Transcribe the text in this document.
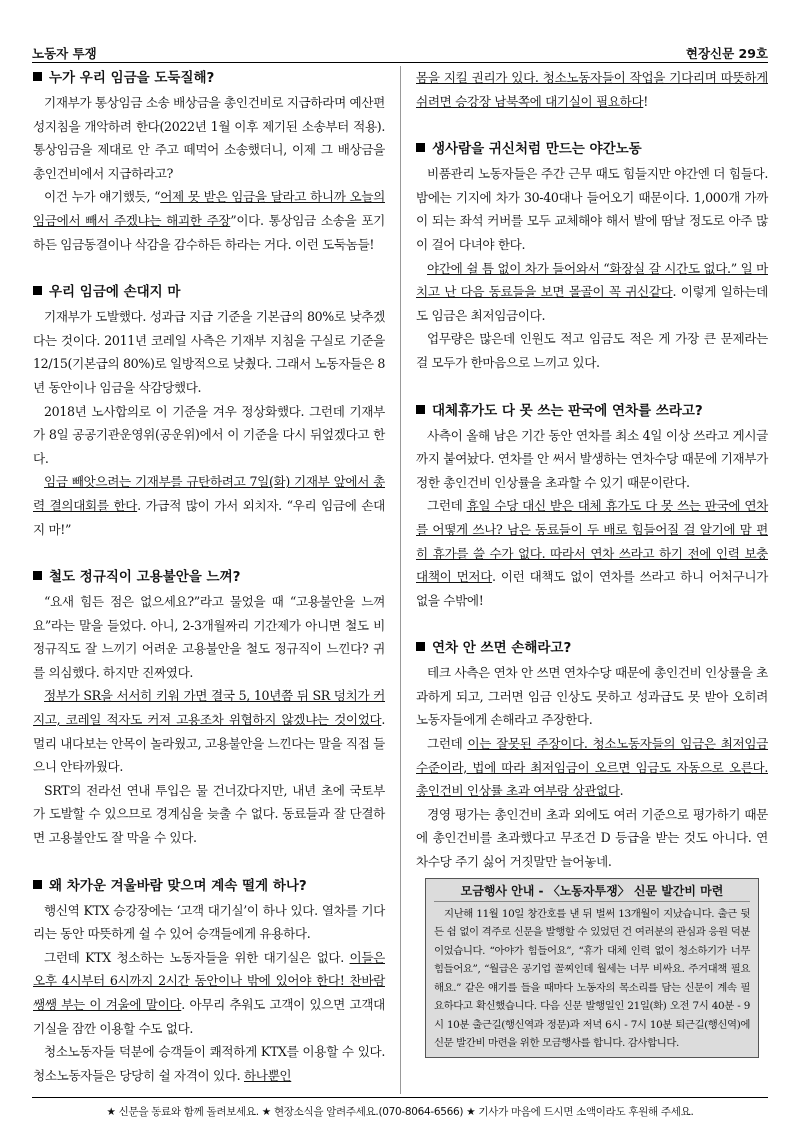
노동자 투쟁	현장신문 29호
누가 우리 임금을 도둑질해?

기재부가 통상임금 소송 배상금을 총인건비로 지급하라며 예산편성지침을 개악하려 한다(2022년 1월 이후 제기된 소송부터 적용). 통상임금을 제대로 안 주고 떼먹어 소송했더니, 이제 그 배상금을 총인건비에서 지급하라고?

이건 누가 얘기했듯, “어제 못 받은 임금을 달라고 하니까 오늘의 임금에서 빼서 주겠냐는 해괴한 주장”이다. 통상임금 소송을 포기하든 임금동결이나 삭감을 감수하든 하라는 거다. 이런 도둑놈들!

우리 임금에 손대지 마

기재부가 도발했다. 성과급 지급 기준을 기본급의 80%로 낮추겠다는 것이다. 2011년 코레일 사측은 기재부 지침을 구실로 기준을 12/15(기본급의 80%)로 일방적으로 낮췄다. 그래서 노동자들은 8년 동안이나 임금을 삭감당했다.

2018년 노사합의로 이 기준을 겨우 정상화했다. 그런데 기재부가 8일 공공기관운영위(공운위)에서 이 기준을 다시 뒤엎겠다고 한다.

임금 빼앗으려는 기재부를 규탄하려고 7일(화) 기재부 앞에서 총력 결의대회를 한다. 가급적 많이 가서 외치자. “우리 임금에 손대지 마!”

철도 정규직이 고용불안을 느껴?

“요새 힘든 점은 없으세요?”라고 물었을 때 “고용불안을 느껴요”라는 말을 들었다. 아니, 2-3개월짜리 기간제가 아니면 철도 비정규직도 잘 느끼기 어려운 고용불안을 철도 정규직이 느낀다? 귀를 의심했다. 하지만 진짜였다.

정부가 SR을 서서히 키워 가면 결국 5, 10년쯤 뒤 SR 덩치가 커지고, 코레일 적자도 커져 고용조차 위협하지 않겠냐는 것이었다. 멀리 내다보는 안목이 놀라웠고, 고용불안을 느낀다는 말을 직접 들으니 안타까웠다.

SRT의 전라선 연내 투입은 물 건너갔다지만, 내년 초에 국토부가 도발할 수 있으므로 경계심을 늦출 수 없다. 동료들과 잘 단결하면 고용불안도 잘 막을 수 있다.

왜 차가운 겨울바람 맞으며 계속 떨게 하나?

행신역 KTX 승강장에는 ‘고객 대기실’이 하나 있다. 열차를 기다리는 동안 따뜻하게 쉴 수 있어 승객들에게 유용하다.

그런데 KTX 청소하는 노동자들을 위한 대기실은 없다. 이들은 오후 4시부터 6시까지 2시간 동안이나 밖에 있어야 한다! 찬바람 쌩쌩 부는 이 겨울에 말이다. 아무리 추워도 고객이 있으면 고객대기실을 잠깐 이용할 수도 없다.

청소노동자들 덕분에 승객들이 쾌적하게 KTX를 이용할 수 있다. 청소노동자들은 당당히 쉴 자격이 있다. 하나뿐인

몸을 지킬 권리가 있다. 청소노동자들이 작업을 기다리며 따뜻하게 쉬려면 승강장 남북쪽에 대기실이 필요하다!

생사람을 귀신처럼 만드는 야간노동

비품관리 노동자들은 주간 근무 때도 힘들지만 야간엔 더 힘들다. 밤에는 기지에 차가 30-40대나 들어오기 때문이다. 1,000개 가까이 되는 좌석 커버를 모두 교체해야 해서 발에 땀날 정도로 아주 많이 걸어 다녀야 한다.

야간에 쉴 틈 없이 차가 들어와서 “화장실 갈 시간도 없다.” 일 마치고 난 다음 동료들을 보면 몰골이 꼭 귀신같다. 이렇게 일하는데도 임금은 최저임금이다.

업무량은 많은데 인원도 적고 임금도 적은 게 가장 큰 문제라는 걸 모두가 한마음으로 느끼고 있다.

대체휴가도 다 못 쓰는 판국에 연차를 쓰라고?

사측이 올해 남은 기간 동안 연차를 최소 4일 이상 쓰라고 게시글까지 붙여놨다. 연차를 안 써서 발생하는 연차수당 때문에 기재부가 정한 총인건비 인상률을 초과할 수 있기 때문이란다.

그런데 휴일 수당 대신 받은 대체 휴가도 다 못 쓰는 판국에 연차를 어떻게 쓰나? 남은 동료들이 두 배로 힘들어질 걸 알기에 맘 편히 휴가를 쓸 수가 없다. 따라서 연차 쓰라고 하기 전에 인력 보충 대책이 먼저다. 이런 대책도 없이 연차를 쓰라고 하니 어처구니가 없을 수밖에!

연차 안 쓰면 손해라고?

테크 사측은 연차 안 쓰면 연차수당 때문에 총인건비 인상률을 초과하게 되고, 그러면 임금 인상도 못하고 성과급도 못 받아 오히려 노동자들에게 손해라고 주장한다.

그런데 이는 잘못된 주장이다. 청소노동자들의 임금은 최저임금 수준이라, 법에 따라 최저임금이 오르면 임금도 자동으로 오른다. 총인건비 인상률 초과 여부랑 상관없다.

경영 평가는 총인건비 초과 외에도 여러 기준으로 평가하기 때문에 총인건비를 초과했다고 무조건 D 등급을 받는 것도 아니다. 연차수당 주기 싫어 거짓말만 늘어놓네.

모금행사 안내 - 〈노동자투쟁〉 신문 발간비 마련

지난해 11월 10일 창간호를 낸 뒤 벌써 13개월이 지났습니다. 출근 뒷든 쉼 없이 격주로 신문을 발행할 수 있었던 건 여러분의 관심과 응원 덕분이었습니다. “아야가 힘들어요”, “휴가 대체 인력 없이 청소하기가 너무 힘들어요”, “월급은 공기업 꼴찌인데 월세는 너무 비싸요. 주거대책 필요해요.” 같은 얘기를 들을 때마다 노동자의 목소리를 담는 신문이 계속 필요하다고 확신했습니다. 다음 신문 발행일인 21일(화) 오전 7시 40분 - 9시 10분 출근길(행신역과 정문)과 저녁 6시 - 7시 10분 퇴근길(행신역)에 신문 발간비 마련을 위한 모금행사를 합니다. 감사합니다.

★ 신문을 동료와 함께 돌려보세요. ★ 현장소식을 알려주세요.(070-8064-6566) ★ 기사가 마음에 드시면 소액이라도 후원해 주세요.
